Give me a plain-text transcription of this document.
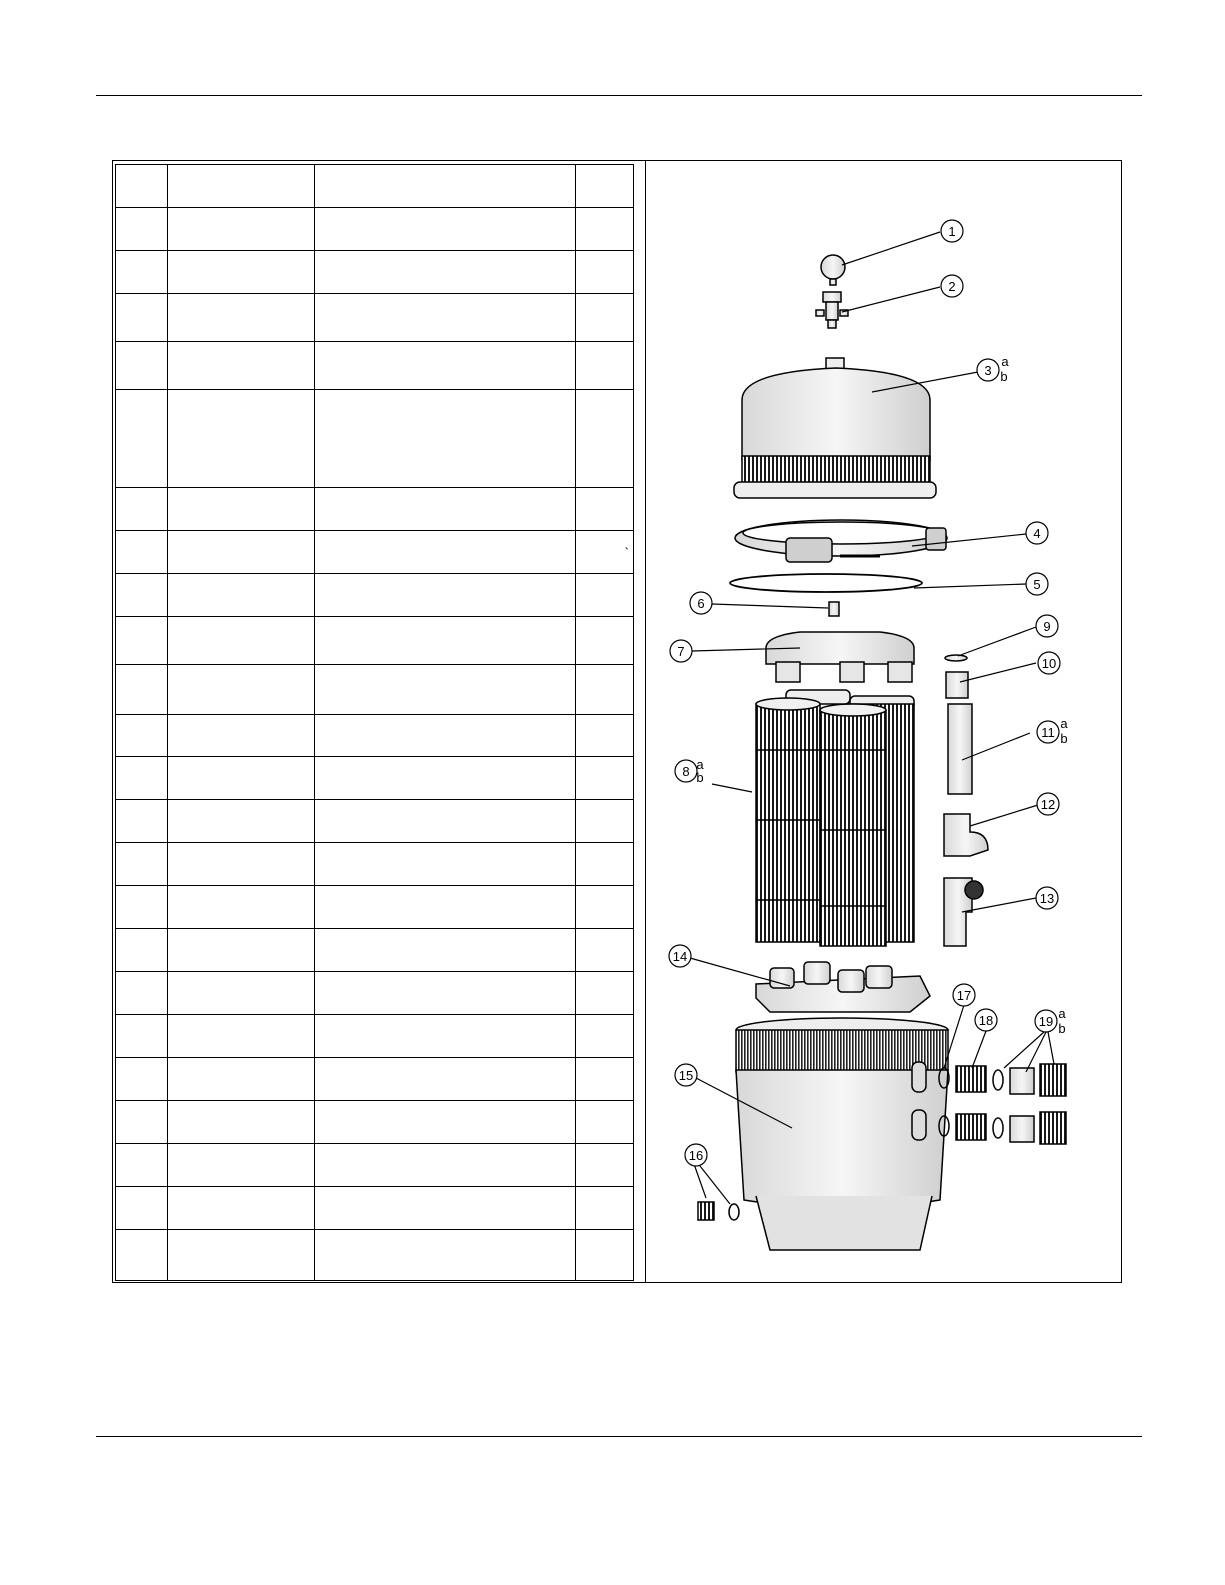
			`

1
2
3
a
b
4
5
6
7
9
10
11
a
b
8 a
b
12
13
14
17
18	19
a
b
15
16
